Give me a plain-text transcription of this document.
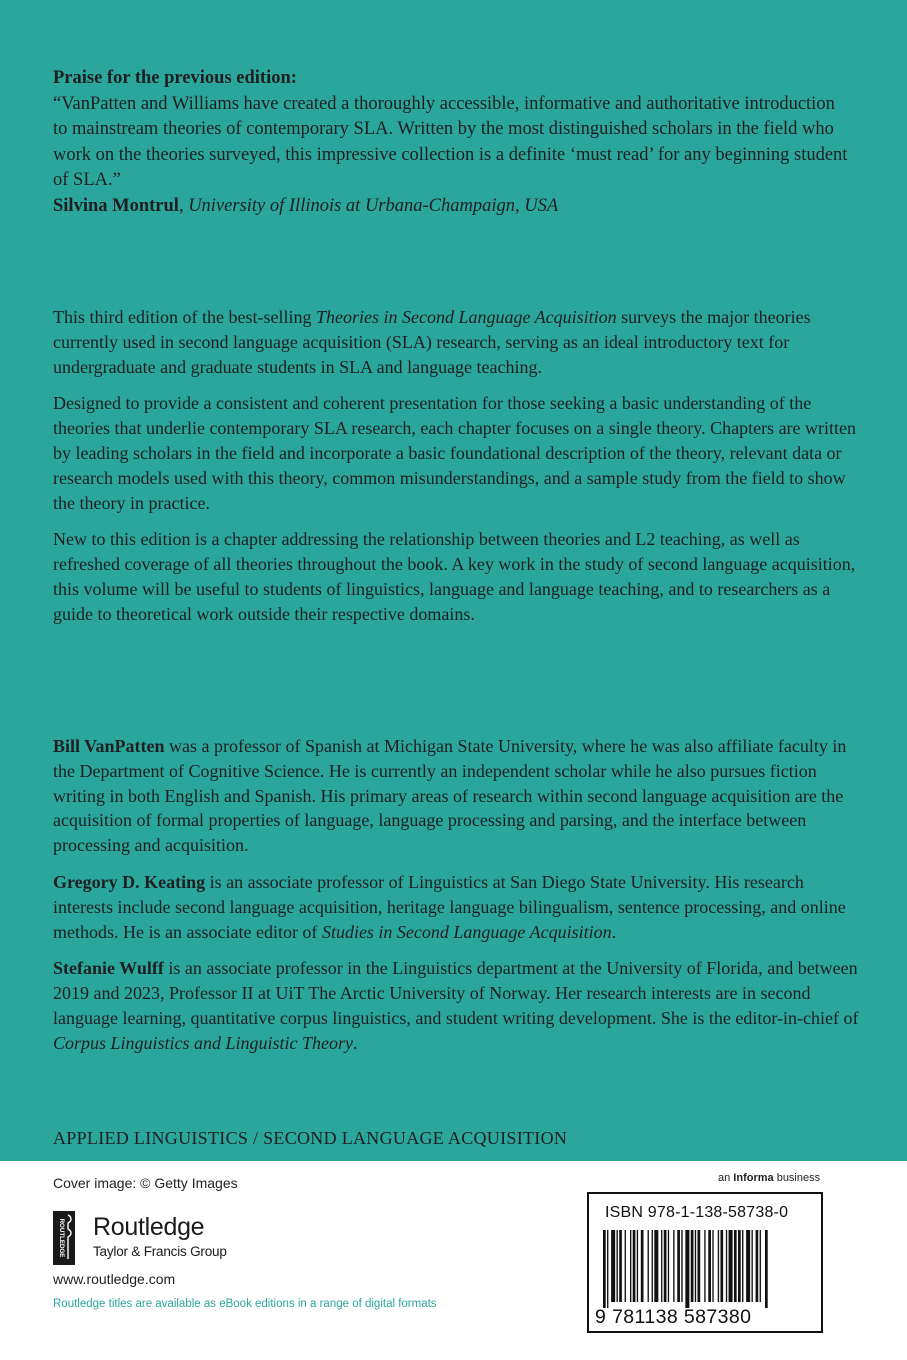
Praise for the previous edition:

“VanPatten and Williams have created a thoroughly accessible, informative and authoritative introduction to mainstream theories of contemporary SLA. Written by the most distinguished scholars in the field who work on the theories surveyed, this impressive collection is a definite ‘must read’ for any beginning student of SLA.”

Silvina Montrul, University of Illinois at Urbana-Champaign, USA

This third edition of the best-selling Theories in Second Language Acquisition surveys the major theories currently used in second language acquisition (SLA) research, serving as an ideal introductory text for undergraduate and graduate students in SLA and language teaching.

Designed to provide a consistent and coherent presentation for those seeking a basic understanding of the theories that underlie contemporary SLA research, each chapter focuses on a single theory. Chapters are written by leading scholars in the field and incorporate a basic foundational description of the theory, relevant data or research models used with this theory, common misunderstandings, and a sample study from the field to show the theory in practice.

New to this edition is a chapter addressing the relationship between theories and L2 teaching, as well as refreshed coverage of all theories throughout the book. A key work in the study of second language acquisition, this volume will be useful to students of linguistics, language and language teaching, and to researchers as a guide to theoretical work outside their respective domains.

Bill VanPatten was a professor of Spanish at Michigan State University, where he was also affiliate faculty in the Department of Cognitive Science. He is currently an independent scholar while he also pursues fiction writing in both English and Spanish. His primary areas of research within second language acquisition are the acquisition of formal properties of language, language processing and parsing, and the interface between processing and acquisition.

Gregory D. Keating is an associate professor of Linguistics at San Diego State University. His research interests include second language acquisition, heritage language bilingualism, sentence processing, and online methods. He is an associate editor of Studies in Second Language Acquisition.

Stefanie Wulff is an associate professor in the Linguistics department at the University of Florida, and between 2019 and 2023, Professor II at UiT The Arctic University of Norway. Her research interests are in second language learning, quantitative corpus linguistics, and student writing development. She is the editor-in-chief of Corpus Linguistics and Linguistic Theory.

APPLIED LINGUISTICS / SECOND LANGUAGE ACQUISITION
Cover image: © Getty Images
ROUTLEDGE Routledge
Taylor & Francis Group
www.routledge.com
Routledge titles are available as eBook editions in a range of digital formats
an Informa business
ISBN 978-1-138-58738-0
9 781138 587380
